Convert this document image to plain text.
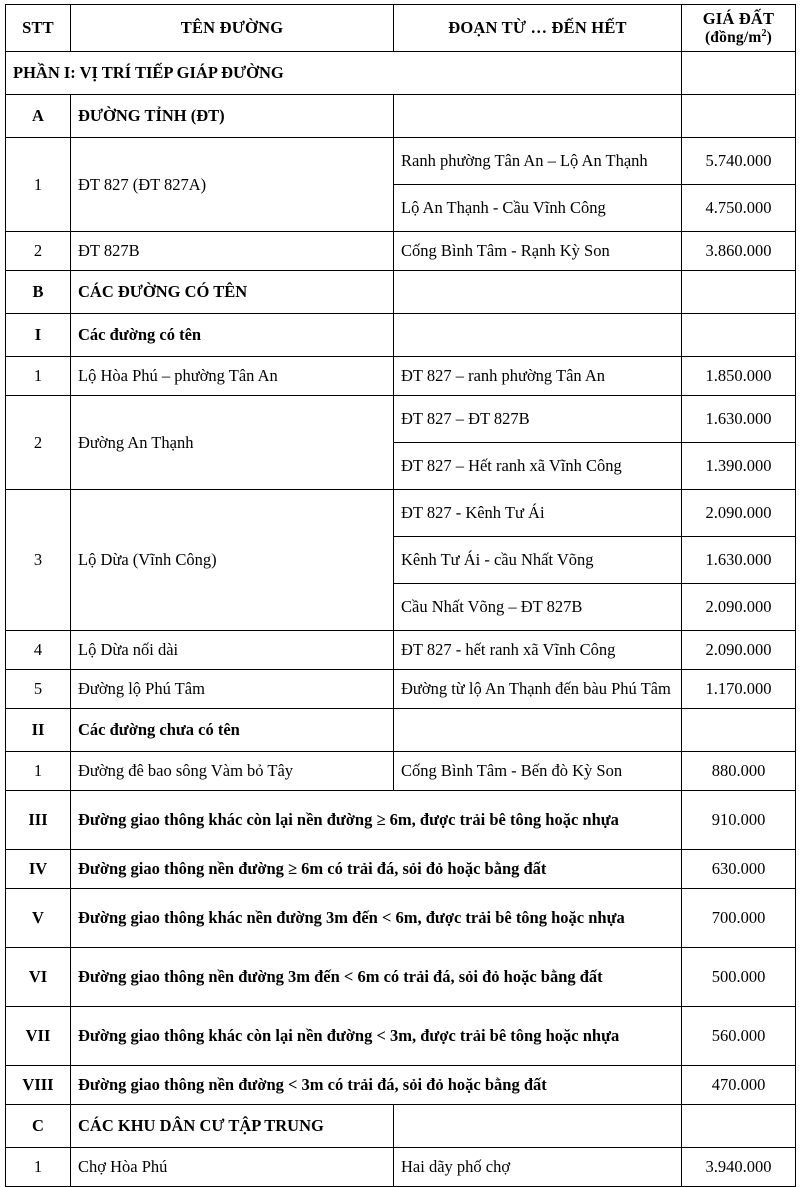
STT	TÊN ĐƯỜNG	ĐOẠN TỪ … ĐẾN HẾT	GIÁ ĐẤT
$(đồng/m^2)$

PHẦN I: VỊ TRÍ TIẾP GIÁP ĐƯỜNG			
A	ĐƯỜNG TỈNH (ĐT)		
1	ĐT 827 (ĐT 827A)	Ranh phường Tân An – Lộ An Thạnh	5.740.000
		Lộ An Thạnh - Cầu Vĩnh Công	4.750.000
2	ĐT 827B	Cống Bình Tâm - Rạnh Kỳ Son	3.860.000
B	CÁC ĐƯỜNG CÓ TÊN		
I	Các đường có tên		
1	Lộ Hòa Phú – phường Tân An	ĐT 827 – ranh phường Tân An	1.850.000
2	Đường An Thạnh	ĐT 827 – ĐT 827B	1.630.000
		ĐT 827 – Hết ranh xã Vĩnh Công	1.390.000
3	Lộ Dừa (Vĩnh Công)	ĐT 827 - Kênh Tư Ái	2.090.000
		Kênh Tư Ái - cầu Nhất Võng	1.630.000
		Cầu Nhất Võng – ĐT 827B	2.090.000
4	Lộ Dừa nối dài	ĐT 827 - hết ranh xã Vĩnh Công	2.090.000
5	Đường lộ Phú Tâm	Đường từ lộ An Thạnh đến bàu Phú Tâm	1.170.000
II	Các đường chưa có tên		
1	Đường đê bao sông Vàm bỏ Tây	Cống Bình Tâm - Bến đò Kỳ Son	880.000
III	Đường giao thông khác còn lại nền đường ≥ 6m, được trải bê tông hoặc nhựa		910.000
IV	Đường giao thông nền đường ≥ 6m có trải đá, sỏi đỏ hoặc bằng đất		630.000
V	Đường giao thông khác nền đường 3m đến < 6m, được trải bê tông hoặc nhựa		700.000
VI	Đường giao thông nền đường 3m đến < 6m có trải đá, sỏi đỏ hoặc bằng đất		500.000
VII	Đường giao thông khác còn lại nền đường < 3m, được trải bê tông hoặc nhựa		560.000
VIII	Đường giao thông nền đường < 3m có trải đá, sỏi đỏ hoặc bằng đất		470.000
C	CÁC KHU DÂN CƯ TẬP TRUNG		
1	Chợ Hòa Phú	Hai dãy phố chợ	3.940.000
